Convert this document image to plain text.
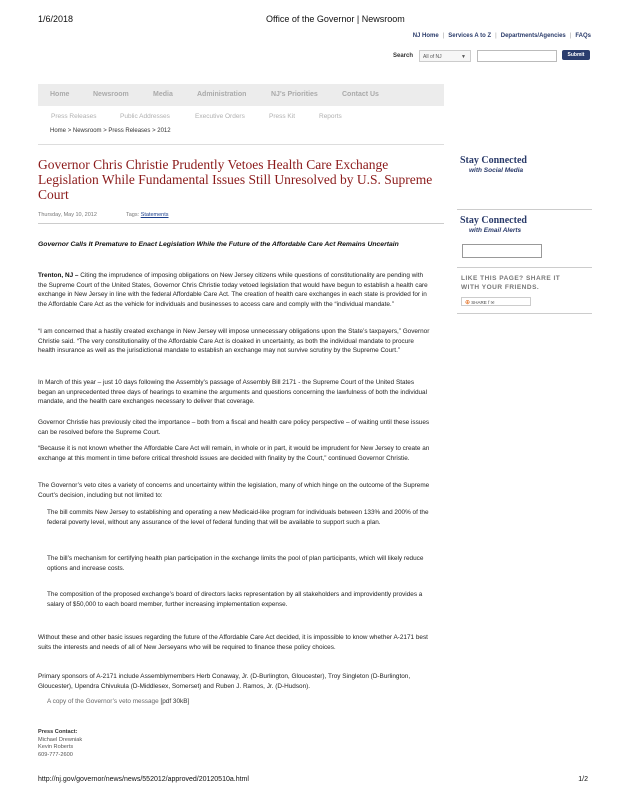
1/6/2018	Office of the Governor | Newsroom
NJ Home | Services A to Z | Departments/Agencies | FAQs
Search	All of NJ	▼	Submit
Home	Newsroom	Media	Administration	NJ's Priorities	Contact Us
Press Releases	Public Addresses	Executive Orders	Press Kit	Reports
Home > Newsroom > Press Releases > 2012
Governor Chris Christie Prudently Vetoes Health Care Exchange Legislation While Fundamental Issues Still Unresolved by U.S. Supreme Court
Thursday, May 10, 2012	Tags: Statements
Governor Calls It Premature to Enact Legislation While the Future of the Affordable Care Act Remains Uncertain
Trenton, NJ – Citing the imprudence of imposing obligations on New Jersey citizens while questions of constitutionality are pending with the Supreme Court of the United States, Governor Chris Christie today vetoed legislation that would have begun to establish a health care exchange in New Jersey in line with the federal Affordable Care Act. The creation of health care exchanges in each state is provided for in the Affordable Care Act as the vehicle for individuals and businesses to access care and comply with the “individual mandate.”
“I am concerned that a hastily created exchange in New Jersey will impose unnecessary obligations upon the State’s taxpayers,” Governor Christie said. “The very constitutionality of the Affordable Care Act is cloaked in uncertainty, as both the individual mandate to procure health insurance as well as the jurisdictional mandate to establish an exchange may not survive scrutiny by the Supreme Court.”
In March of this year – just 10 days following the Assembly’s passage of Assembly Bill 2171 - the Supreme Court of the United States began an unprecedented three days of hearings to examine the arguments and questions concerning the lawfulness of both the individual mandate, and the health care exchanges necessary to deliver that coverage.
Governor Christie has previously cited the importance – both from a fiscal and health care policy perspective – of waiting until these issues can be resolved before the Supreme Court.
“Because it is not known whether the Affordable Care Act will remain, in whole or in part, it would be imprudent for New Jersey to create an exchange at this moment in time before critical threshold issues are decided with finality by the Court,” continued Governor Christie.
The Governor’s veto cites a variety of concerns and uncertainty within the legislation, many of which hinge on the outcome of the Supreme Court’s decision, including but not limited to:
The bill commits New Jersey to establishing and operating a new Medicaid-like program for individuals between 133% and 200% of the federal poverty level, without any assurance of the level of federal funding that will be available to support such a plan.
The bill’s mechanism for certifying health plan participation in the exchange limits the pool of plan participants, which will likely reduce options and increase costs.
The composition of the proposed exchange’s board of directors lacks representation by all stakeholders and improvidently provides a salary of $50,000 to each board member, further increasing implementation expense.
Without these and other basic issues regarding the future of the Affordable Care Act decided, it is impossible to know whether A-2171 best suits the interests and needs of all of New Jerseyans who will be required to finance these policy choices.
Primary sponsors of A-2171 include Assemblymembers Herb Conaway, Jr. (D-Burlington, Gloucester), Troy Singleton (D-Burlington, Gloucester), Upendra Chivukula (D-Middlesex, Somerset) and Ruben J. Ramos, Jr. (D-Hudson).
A copy of the Governor’s veto message [pdf 30kB]
Press Contact:
Michael Drewniak
Kevin Roberts
609-777-2600
Stay Connected
with Social Media
Stay Connected
with Email Alerts
LIKE THIS PAGE? SHARE IT
WITH YOUR FRIENDS.
⊕ SHARE f ✉
http://nj.gov/governor/news/news/552012/approved/20120510a.html	1/2
